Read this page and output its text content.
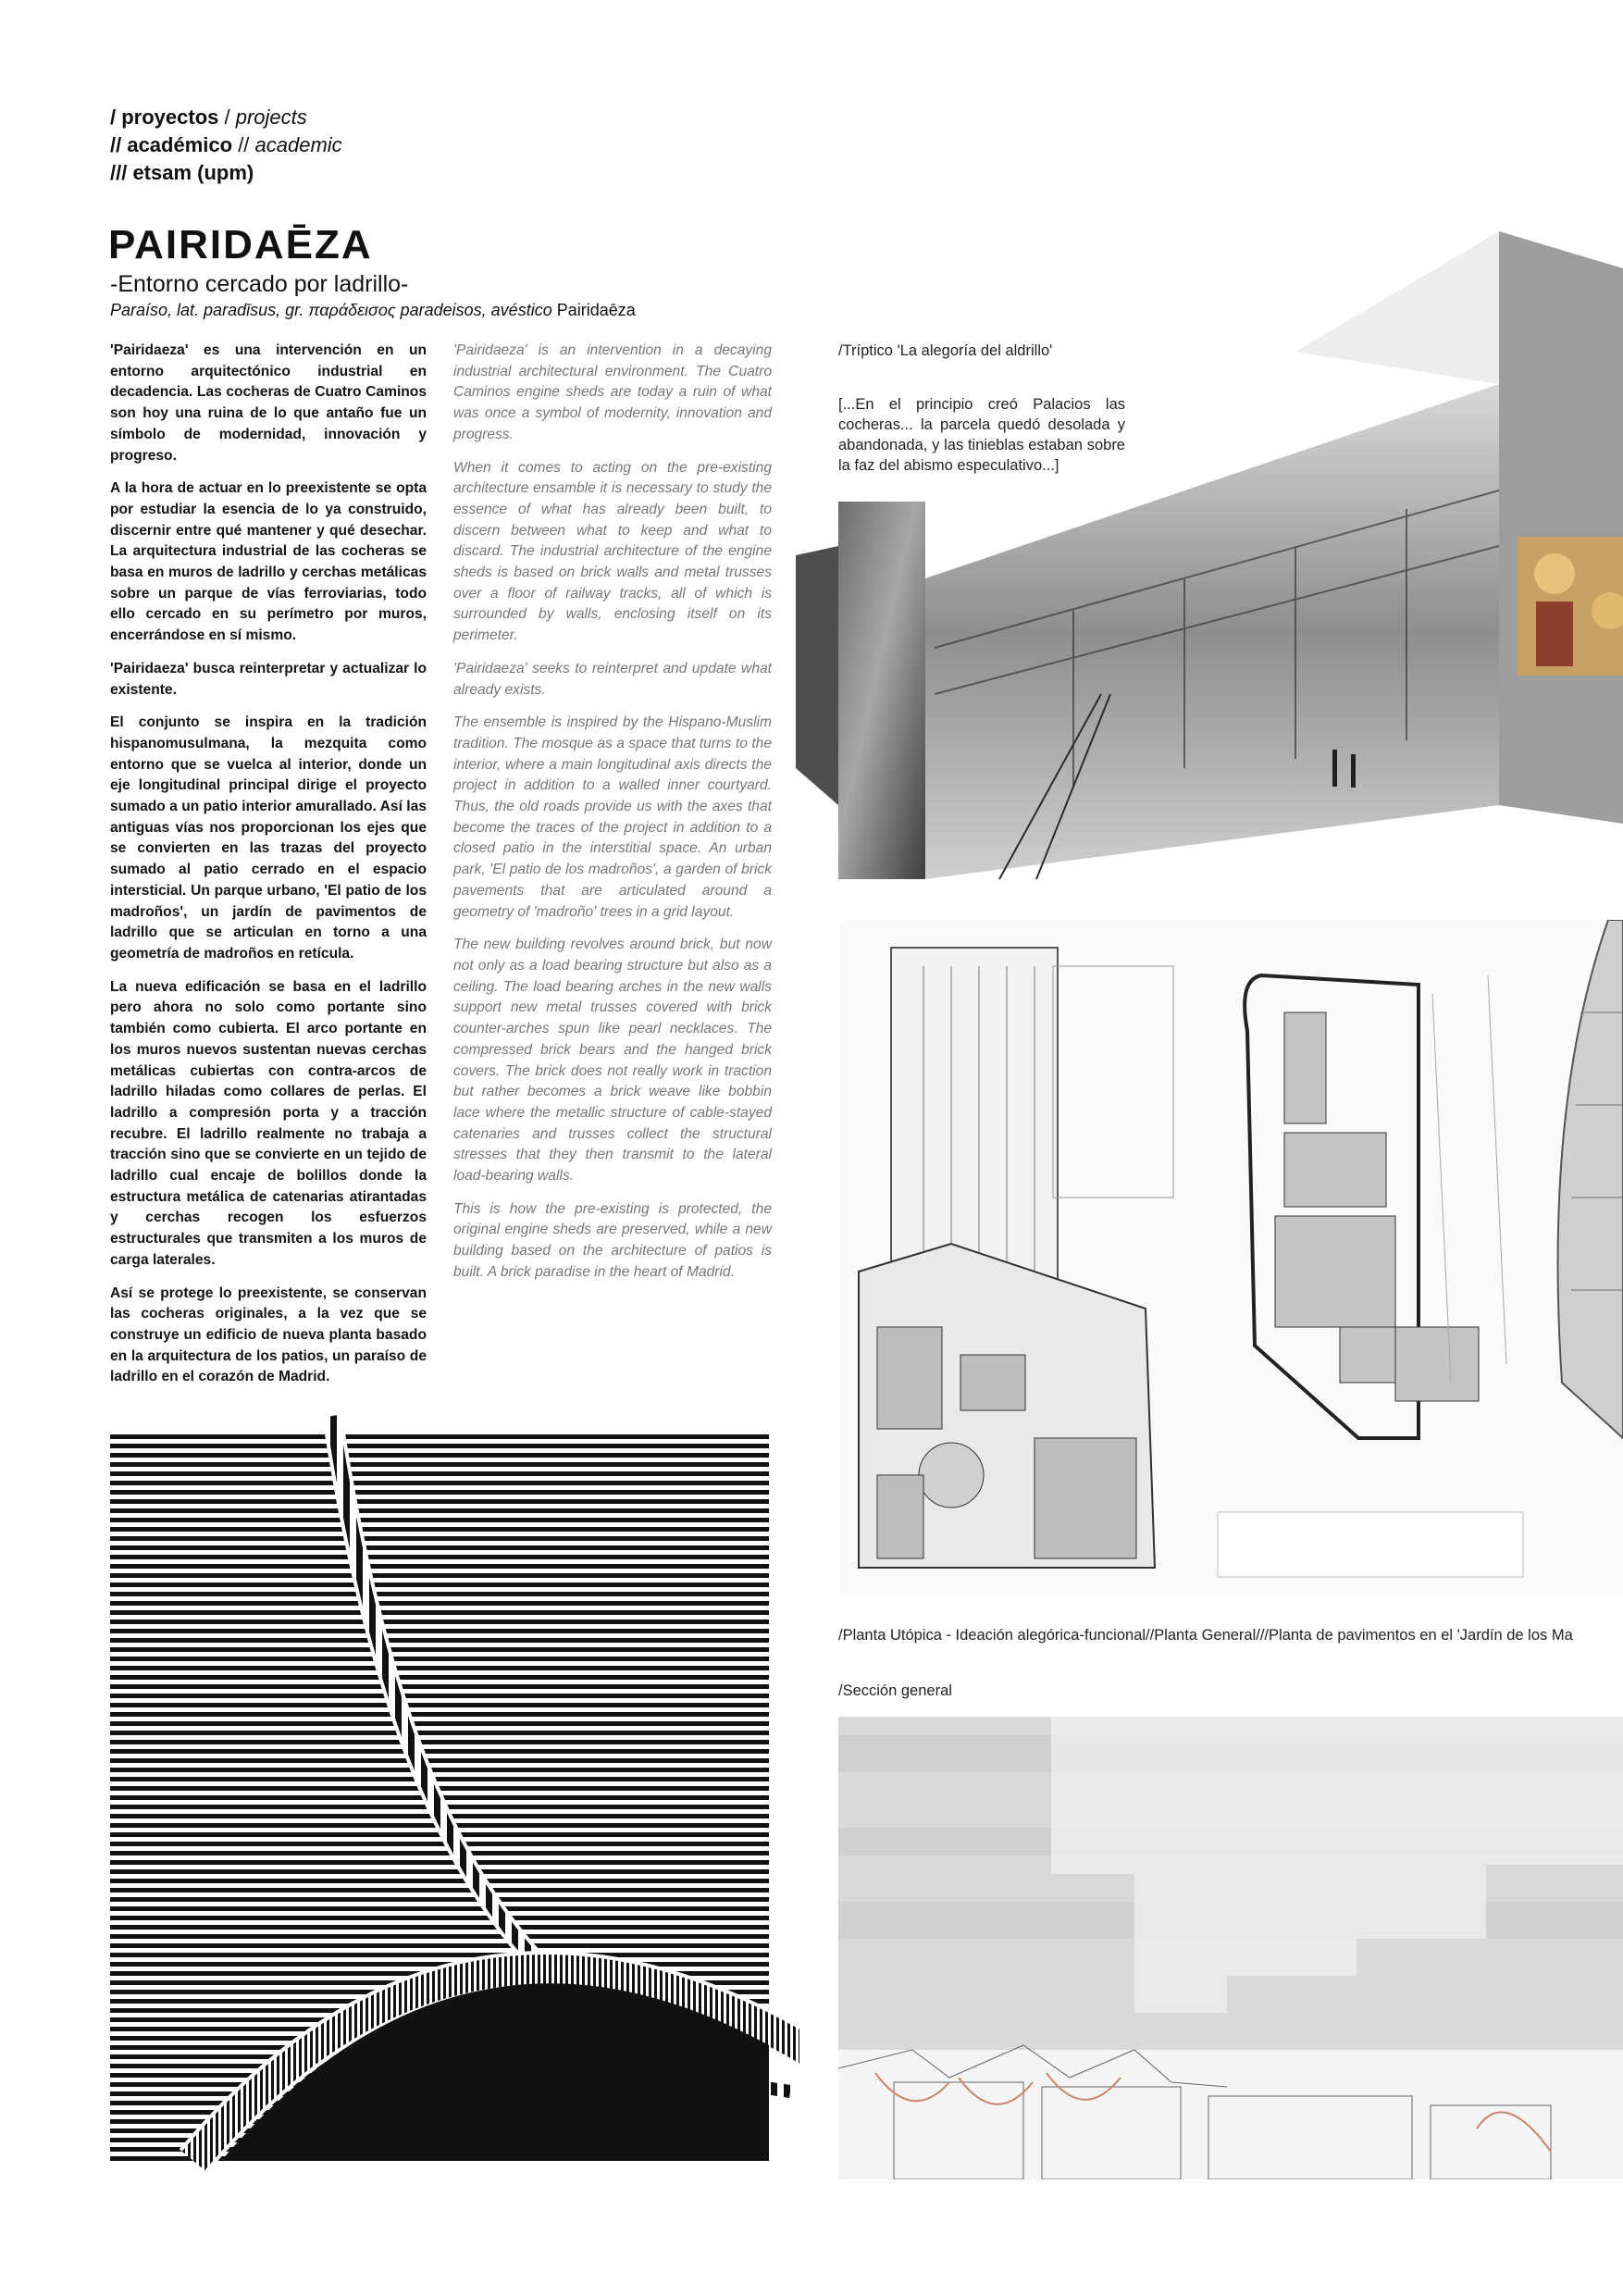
/ proyectos / projects
// académico // academic
/// etsam (upm)
PAIRIDAĒZA
-Entorno cercado por ladrillo-
Paraíso, lat. paradīsus, gr. παράδεισος paradeisos, avéstico Pairidaēza

'Pairidaeza' es una intervención en un entorno arquitectónico industrial en decadencia. Las cocheras de Cuatro Caminos son hoy una ruina de lo que antaño fue un símbolo de modernidad, innovación y progreso.

A la hora de actuar en lo preexistente se opta por estudiar la esencia de lo ya construido, discernir entre qué mantener y qué desechar. La arquitectura industrial de las cocheras se basa en muros de ladrillo y cerchas metálicas sobre un parque de vías ferroviarias, todo ello cercado en su perímetro por muros, encerrándose en sí mismo.

'Pairidaeza' busca reinterpretar y actualizar lo existente.

El conjunto se inspira en la tradición hispanomusulmana, la mezquita como entorno que se vuelca al interior, donde un eje longitudinal principal dirige el proyecto sumado a un patio interior amurallado. Así las antiguas vías nos proporcionan los ejes que se convierten en las trazas del proyecto sumado al patio cerrado en el espacio intersticial. Un parque urbano, 'El patio de los madroños', un jardín de pavimentos de ladrillo que se articulan en torno a una geometría de madroños en retícula.

La nueva edificación se basa en el ladrillo pero ahora no solo como portante sino también como cubierta. El arco portante en los muros nuevos sustentan nuevas cerchas metálicas cubiertas con contra-arcos de ladrillo hiladas como collares de perlas. El ladrillo a compresión porta y a tracción recubre. El ladrillo realmente no trabaja a tracción sino que se convierte en un tejido de ladrillo cual encaje de bolillos donde la estructura metálica de catenarias atirantadas y cerchas recogen los esfuerzos estructurales que transmiten a los muros de carga laterales.

Así se protege lo preexistente, se conservan las cocheras originales, a la vez que se construye un edificio de nueva planta basado en la arquitectura de los patios, un paraíso de ladrillo en el corazón de Madrid.

'Pairidaeza' is an intervention in a decaying industrial architectural environment. The Cuatro Caminos engine sheds are today a ruin of what was once a symbol of modernity, innovation and progress.

When it comes to acting on the pre-existing architecture ensamble it is necessary to study the essence of what has already been built, to discern between what to keep and what to discard. The industrial architecture of the engine sheds is based on brick walls and metal trusses over a floor of railway tracks, all of which is surrounded by walls, enclosing itself on its perimeter.

'Pairidaeza' seeks to reinterpret and update what already exists.

The ensemble is inspired by the Hispano-Muslim tradition. The mosque as a space that turns to the interior, where a main longitudinal axis directs the project in addition to a walled inner courtyard. Thus, the old roads provide us with the axes that become the traces of the project in addition to a closed patio in the interstitial space. An urban park, 'El patio de los madroños', a garden of brick pavements that are articulated around a geometry of 'madroño' trees in a grid layout.

The new building revolves around brick, but now not only as a load bearing structure but also as a ceiling. The load bearing arches in the new walls support new metal trusses covered with brick counter-arches spun like pearl necklaces. The compressed brick bears and the hanged brick covers. The brick does not really work in traction but rather becomes a brick weave like bobbin lace where the metallic structure of cable-stayed catenaries and trusses collect the structural stresses that they then transmit to the lateral load-bearing walls.

This is how the pre-existing is protected, the original engine sheds are preserved, while a new building based on the architecture of patios is built. A brick paradise in the heart of Madrid.

/Tríptico 'La alegoría del aldrillo'
[...En el principio creó Palacios las cocheras... la parcela quedó desolada y abandonada, y las tinieblas estaban sobre la faz del abismo especulativo...]
/Planta Utópica - Ideación alegórica-funcional//Planta General///Planta de pavimentos en el 'Jardín de los Ma
/Sección general
